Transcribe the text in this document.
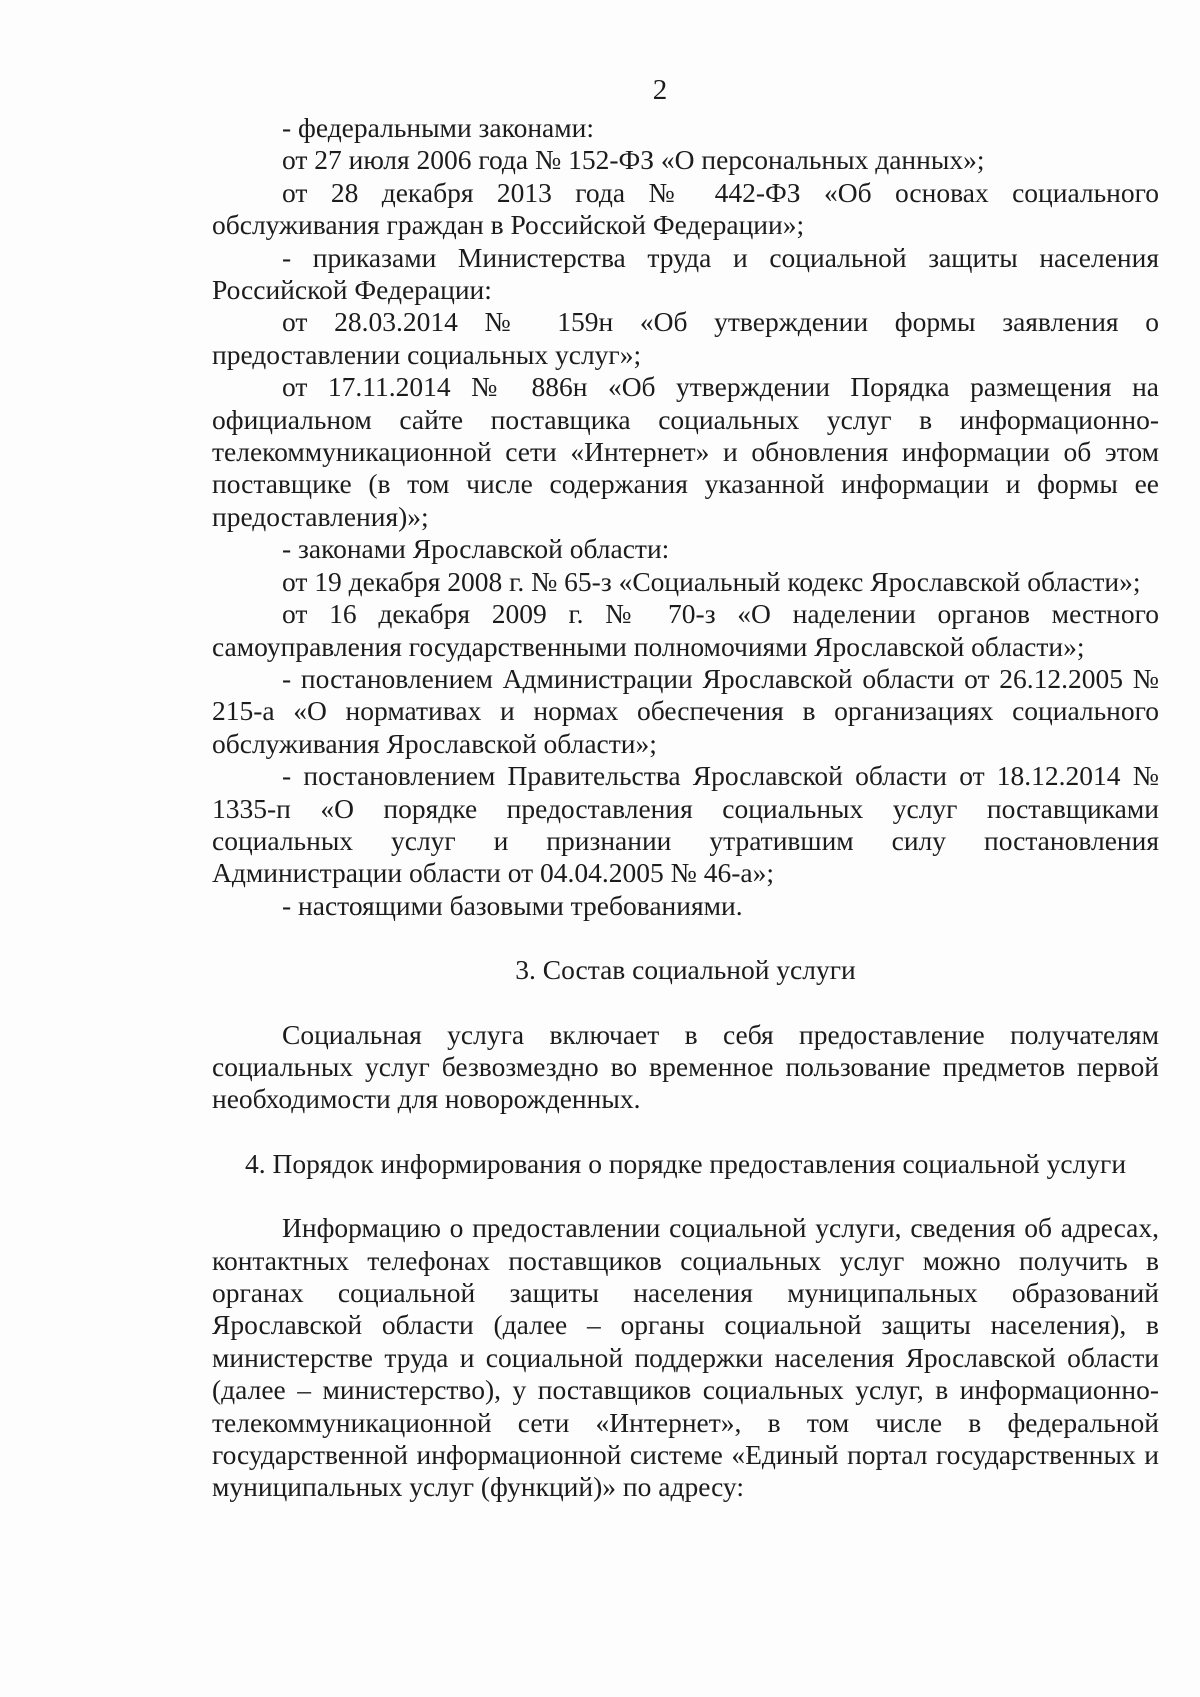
2

- федеральными законами:

от 27 июля 2006 года № 152-ФЗ «О персональных данных»;

от 28 декабря 2013 года № 442-ФЗ «Об основах социального обслуживания граждан в Российской Федерации»;

- приказами Министерства труда и социальной защиты населения Российской Федерации:

от 28.03.2014 № 159н «Об утверждении формы заявления о предоставлении социальных услуг»;

от 17.11.2014 № 886н «Об утверждении Порядка размещения на официальном сайте поставщика социальных услуг в информационно-телекоммуникационной сети «Интернет» и обновления информации об этом поставщике (в том числе содержания указанной информации и формы ее предоставления)»;

- законами Ярославской области:

от 19 декабря 2008 г. № 65-з «Социальный кодекс Ярославской области»;

от 16 декабря 2009 г. № 70-з «О наделении органов местного самоуправления государственными полномочиями Ярославской области»;

- постановлением Администрации Ярославской области от 26.12.2005 № 215-а «О нормативах и нормах обеспечения в организациях социального обслуживания Ярославской области»;

- постановлением Правительства Ярославской области от 18.12.2014 № 1335-п «О порядке предоставления социальных услуг поставщиками социальных услуг и признании утратившим силу постановления Администрации области от 04.04.2005 № 46-а»;

- настоящими базовыми требованиями.

3. Состав социальной услуги

Социальная услуга включает в себя предоставление получателям социальных услуг безвозмездно во временное пользование предметов первой необходимости для новорожденных.

4. Порядок информирования о порядке предоставления социальной услуги

Информацию о предоставлении социальной услуги, сведения об адресах, контактных телефонах поставщиков социальных услуг можно получить в органах социальной защиты населения муниципальных образований Ярославской области (далее – органы социальной защиты населения), в министерстве труда и социальной поддержки населения Ярославской области (далее – министерство), у поставщиков социальных услуг, в информационно-телекоммуникационной сети «Интернет», в том числе в федеральной государственной информационной системе «Единый портал государственных и муниципальных услуг (функций)» по адресу:
